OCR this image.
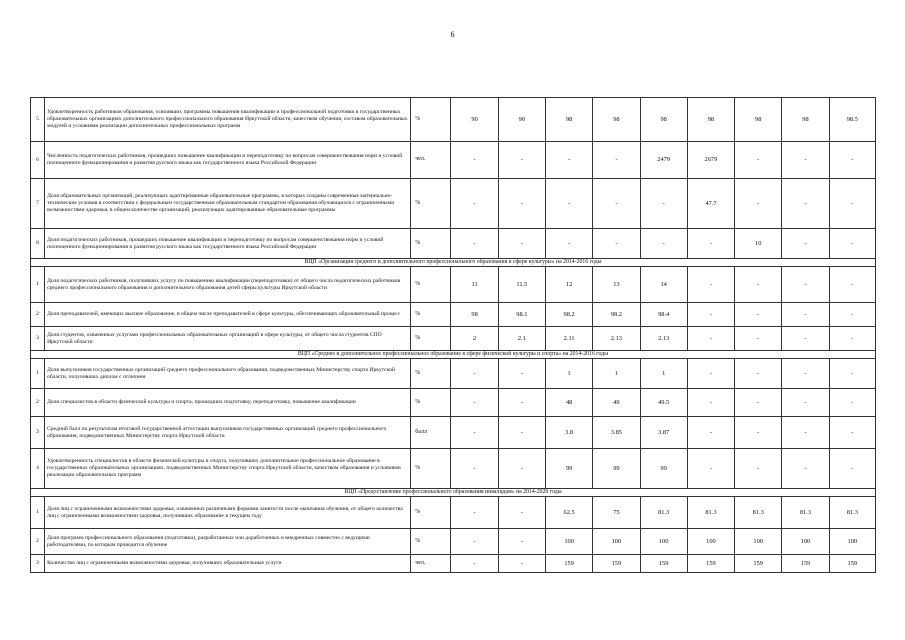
6
5	Удовлетворенность работников образования, освоивших программы повышения квалификации и профессиональной подготовки в государственных образовательных организациях дополнительного профессионального образования Иркутской области, качеством обучения, составом образовательных модулей и условиями реализации дополнительных профессиональных программ	%	90	90	98	98	98	98	98	98	98.5
6	Численность педагогических работников, прошедших повышение квалификации и переподготовку по вопросам совершенствования норм и условий полноценного функционирования и развития русского языка как государственного языка Российской Федерации	чел.	-	-	-	-	2479	2679	-	-	-
7	Доля образовательных организаций, реализующих адаптированные образовательные программы, в которых созданы современные материально-технические условия в соответствии с федеральным государственным образовательным стандартом образования обучающихся с ограниченными возможностями здоровья, в общем количестве организаций, реализующих адаптированные образовательные программы	%	-	-	-	-	-	47.7	-	-	-
8	Доля педагогических работников, прошедших повышение квалификации и переподготовку по вопросам совершенствования норм и условий полноценного функционирования и развития русского языка как государственного языка Российской Федерации	%	-	-	-	-	-	-	10	-	-
ВЦП «Организация среднего и дополнительного профессионального образования в сфере культуры» на 2014-2016 годы											
1	Доля педагогических работников, получивших услугу по повышению квалификации (переподготовки) от общего числа педагогических работников среднего профессионального образования и дополнительного образования детей сферы культуры Иркутской области	%	11	11.5	12	13	14	-	-	-	-
2	Доля преподавателей, имеющих высшее образование, в общем числе преподавателей в сфере культуры, обеспечивающих образовательный процесс	%	98	98.1	98.2	98.2	98.4	-	-	-	-
3	Доля студентов, охваченных услугами профессиональных образовательных организаций в сфере культуры, от общего числа студентов СПО Иркутской области	%	2	2.1	2.11	2.13	2.13	-	-	-	-
ВЦП «Среднее и дополнительное профессиональное образование в сфере физической культуры и спорта» на 2014-2016 годы											
1	Доля выпускников государственных организаций среднего профессионального образования, подведомственных Министерству спорта Иркутской области, получивших диплом с отличием	%	-	-	1	1	1	-	-	-	-
2	Доля специалистов в области физической культуры и спорта, прошедших подготовку, переподготовку, повышение квалификации	%	-	-	48	49	49.5	-	-	-	-
3	Средний балл по результатам итоговой государственной аттестации выпускников государственных организаций среднего профессионального образования, подведомственных Министерству спорта Иркутской области	балл	-	-	3.8	3.85	3.87	-	-	-	-
4	Удовлетворенность специалистов в области физической культуры и спорта, получивших дополнительное профессиональное образование в государственных образовательных организациях, подведомственных Министерству спорта Иркутской области, качеством образования и условиями реализации образовательных программ	%	-	-	99	99	99	-	-	-	-
ВЦП «Предоставление профессионального образования инвалидам» на 2014-2020 годы											
1	Доля лиц с ограниченными возможностями здоровья, охваченных различными формами занятости после окончания обучения, от общего количества лиц с ограниченными возможностями здоровья, получивших образование в текущем году	%	-	-	62.5	75	81.3	81.3	81.3	81.3	81.3
2	Доля программ профессионального образования (подготовки), разработанных или доработанных и внедренных совместно с ведущими работодателями, по которым проводится обучение	%	-	-	100	100	100	100	100	100	100
3	Количество лиц с ограниченными возможностями здоровья, получивших образовательные услуги	чел.	-	-	159	159	159	159	159	159	159
